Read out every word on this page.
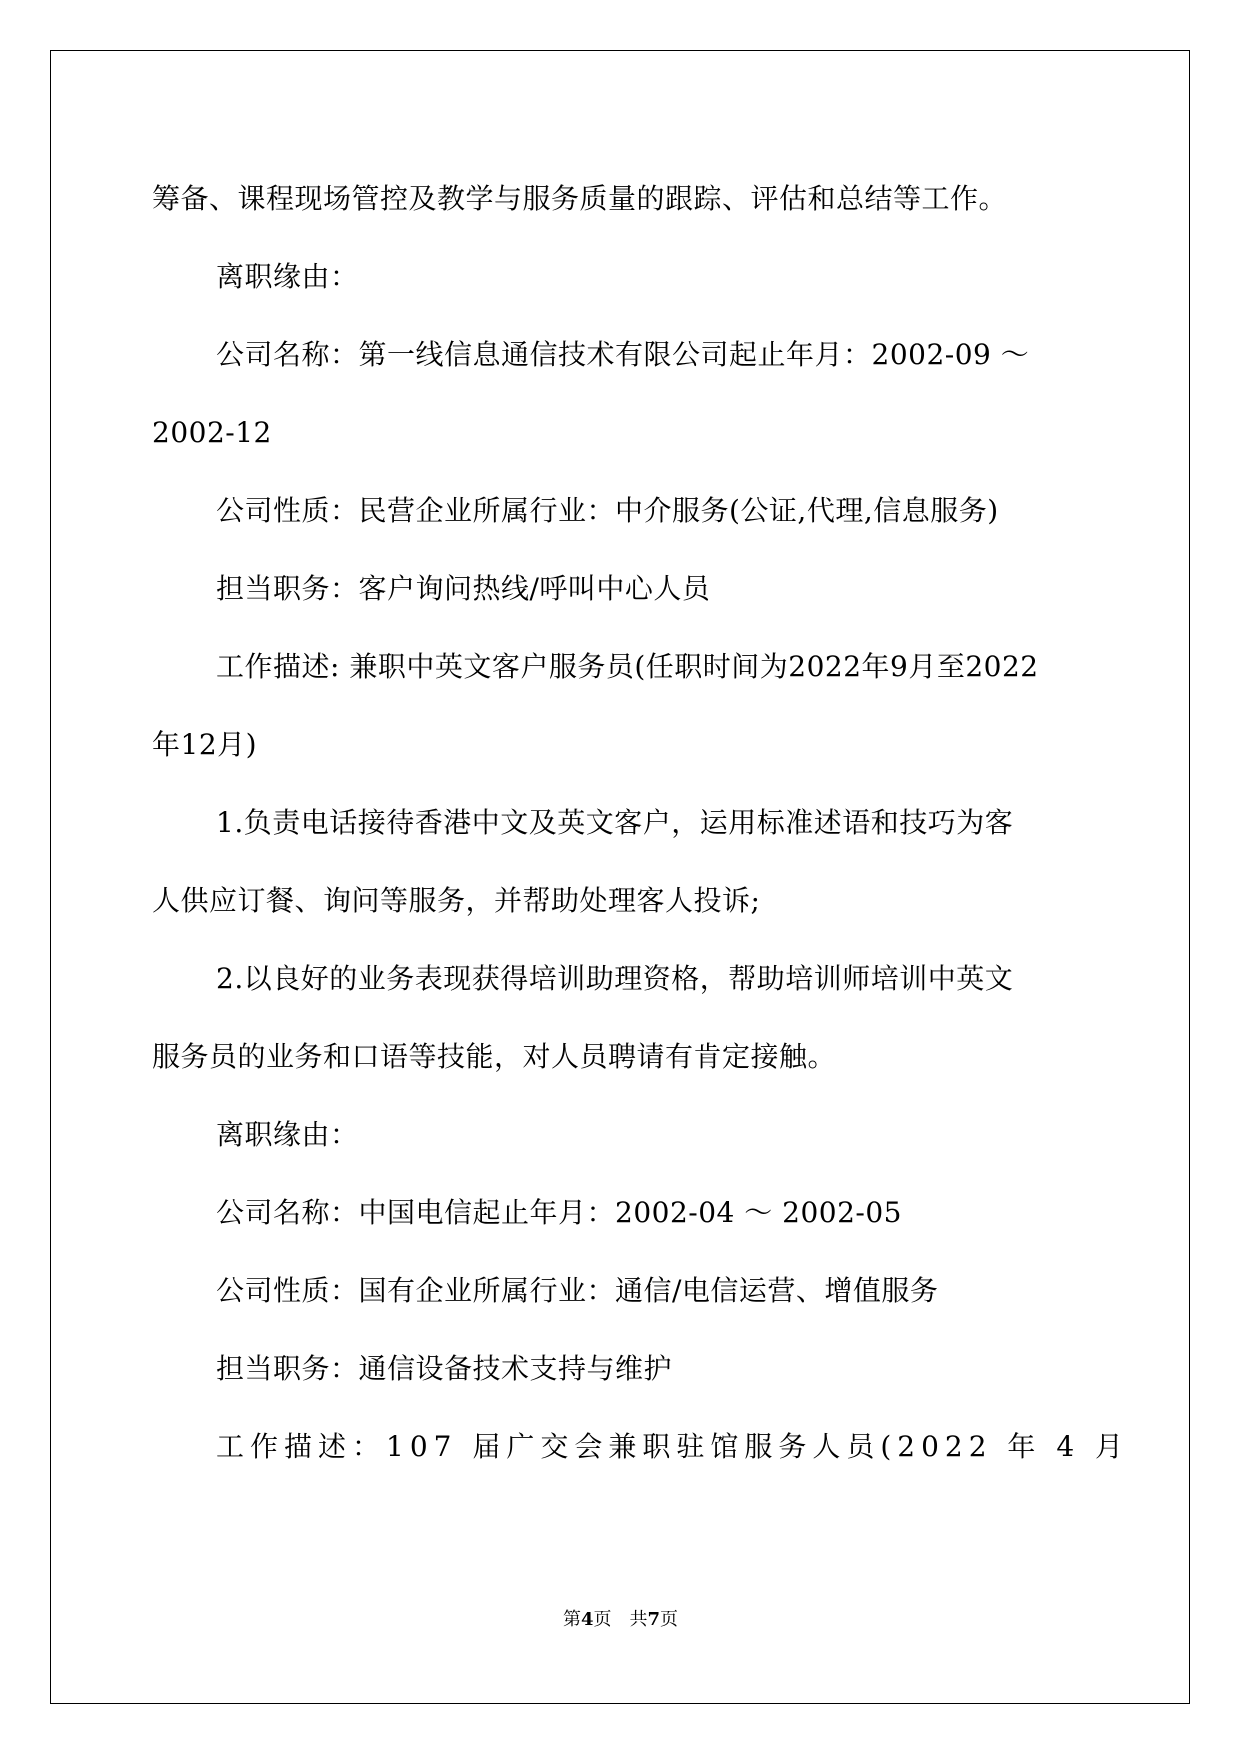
筹备、课程现场管控及教学与服务质量的跟踪、评估和总结等工作。

离职缘由：

公司名称：第一线信息通信技术有限公司起止年月：2002-09 ～

2002-12

公司性质：民营企业所属行业：中介服务(公证,代理,信息服务)

担当职务：客户询问热线/呼叫中心人员

工作描述: 兼职中英文客户服务员(任职时间为2022年9月至2022

年12月)

1.负责电话接待香港中文及英文客户，运用标准述语和技巧为客

人供应订餐、询问等服务，并帮助处理客人投诉;

2.以良好的业务表现获得培训助理资格，帮助培训师培训中英文

服务员的业务和口语等技能，对人员聘请有肯定接触。

离职缘由：

公司名称：中国电信起止年月：2002-04 ～ 2002-05

公司性质：国有企业所属行业：通信/电信运营、增值服务

担当职务：通信设备技术支持与维护

工作描述：107 届广交会兼职驻馆服务人员(2022 年 4 月

第4页　共7页
